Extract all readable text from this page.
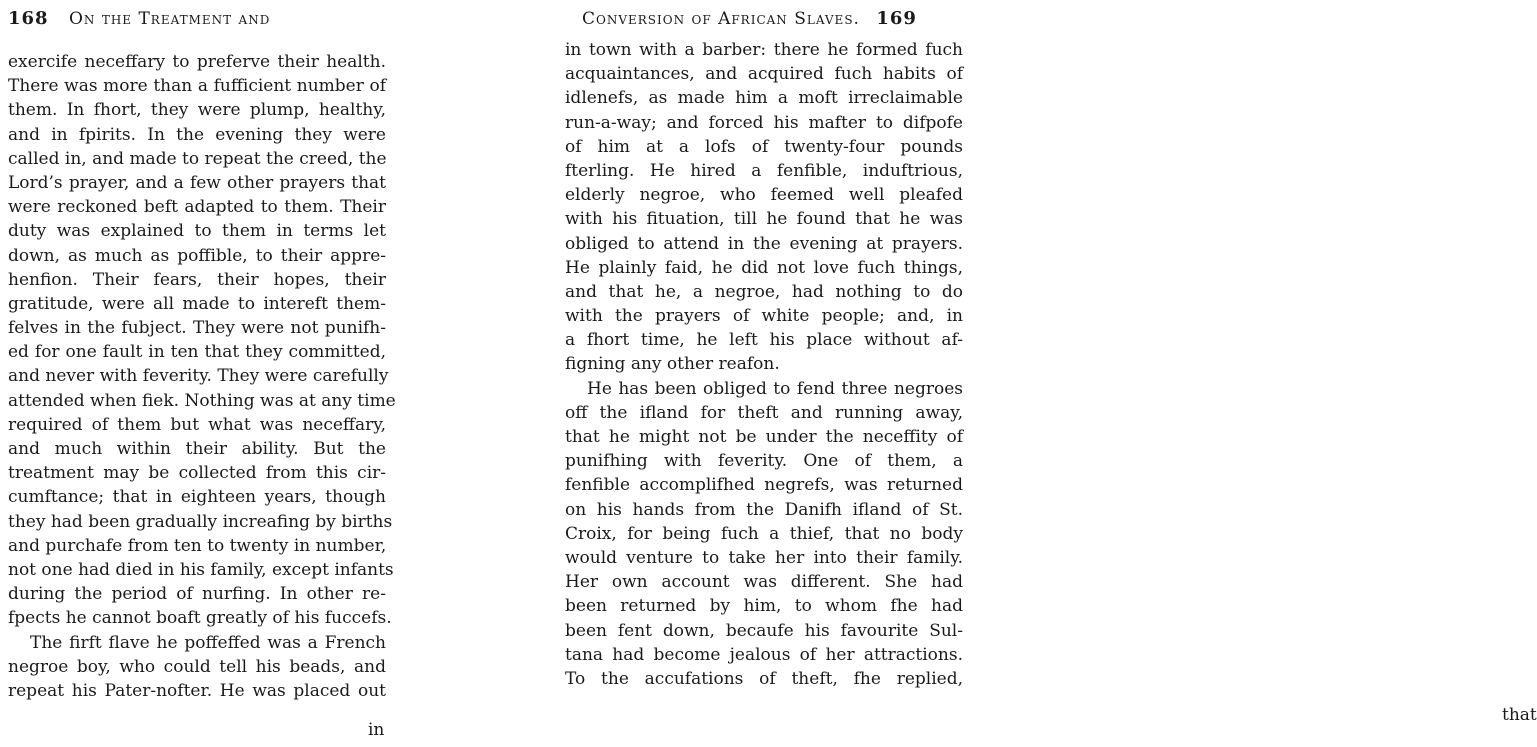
168 On the Treatment and
exercife neceffary to preferve their health.
There was more than a fufficient number of
them. In fhort, they were plump, healthy,
and in fpirits. In the evening they were
called in, and made to repeat the creed, the
Lord’s prayer, and a few other prayers that
were reckoned beft adapted to them. Their
duty was explained to them in terms let
down, as much as poffible, to their appre-
henfion. Their fears, their hopes, their
gratitude, were all made to intereft them-
felves in the fubject. They were not punifh-
ed for one fault in ten that they committed,
and never with feverity. They were carefully
attended when fiek. Nothing was at any time
required of them but what was neceffary,
and much within their ability. But the
treatment may be collected from this cir-
cumftance; that in eighteen years, though
they had been gradually increafing by births
and purchafe from ten to twenty in number,
not one had died in his family, except infants
during the period of nurfing. In other re-
fpects he cannot boaft greatly of his fuccefs.
The firft flave he poffeffed was a French
negroe boy, who could tell his beads, and
repeat his Pater-nofter. He was placed out
in
Conversion of African Slaves. 169
in town with a barber: there he formed fuch
acquaintances, and acquired fuch habits of
idlenefs, as made him a moft irreclaimable
run-a-way; and forced his mafter to difpofe
of him at a lofs of twenty-four pounds
fterling. He hired a fenfible, induftrious,
elderly negroe, who feemed well pleafed
with his fituation, till he found that he was
obliged to attend in the evening at prayers.
He plainly faid, he did not love fuch things,
and that he, a negroe, had nothing to do
with the prayers of white people; and, in
a fhort time, he left his place without af-
figning any other reafon.
He has been obliged to fend three negroes
off the ifland for theft and running away,
that he might not be under the neceffity of
punifhing with feverity. One of them, a
fenfible accomplifhed negrefs, was returned
on his hands from the Danifh ifland of St.
Croix, for being fuch a thief, that no body
would venture to take her into their family.
Her own account was different. She had
been returned by him, to whom fhe had
been fent down, becaufe his favourite Sul-
tana had become jealous of her attractions.
To the accufations of theft, fhe replied,
that
